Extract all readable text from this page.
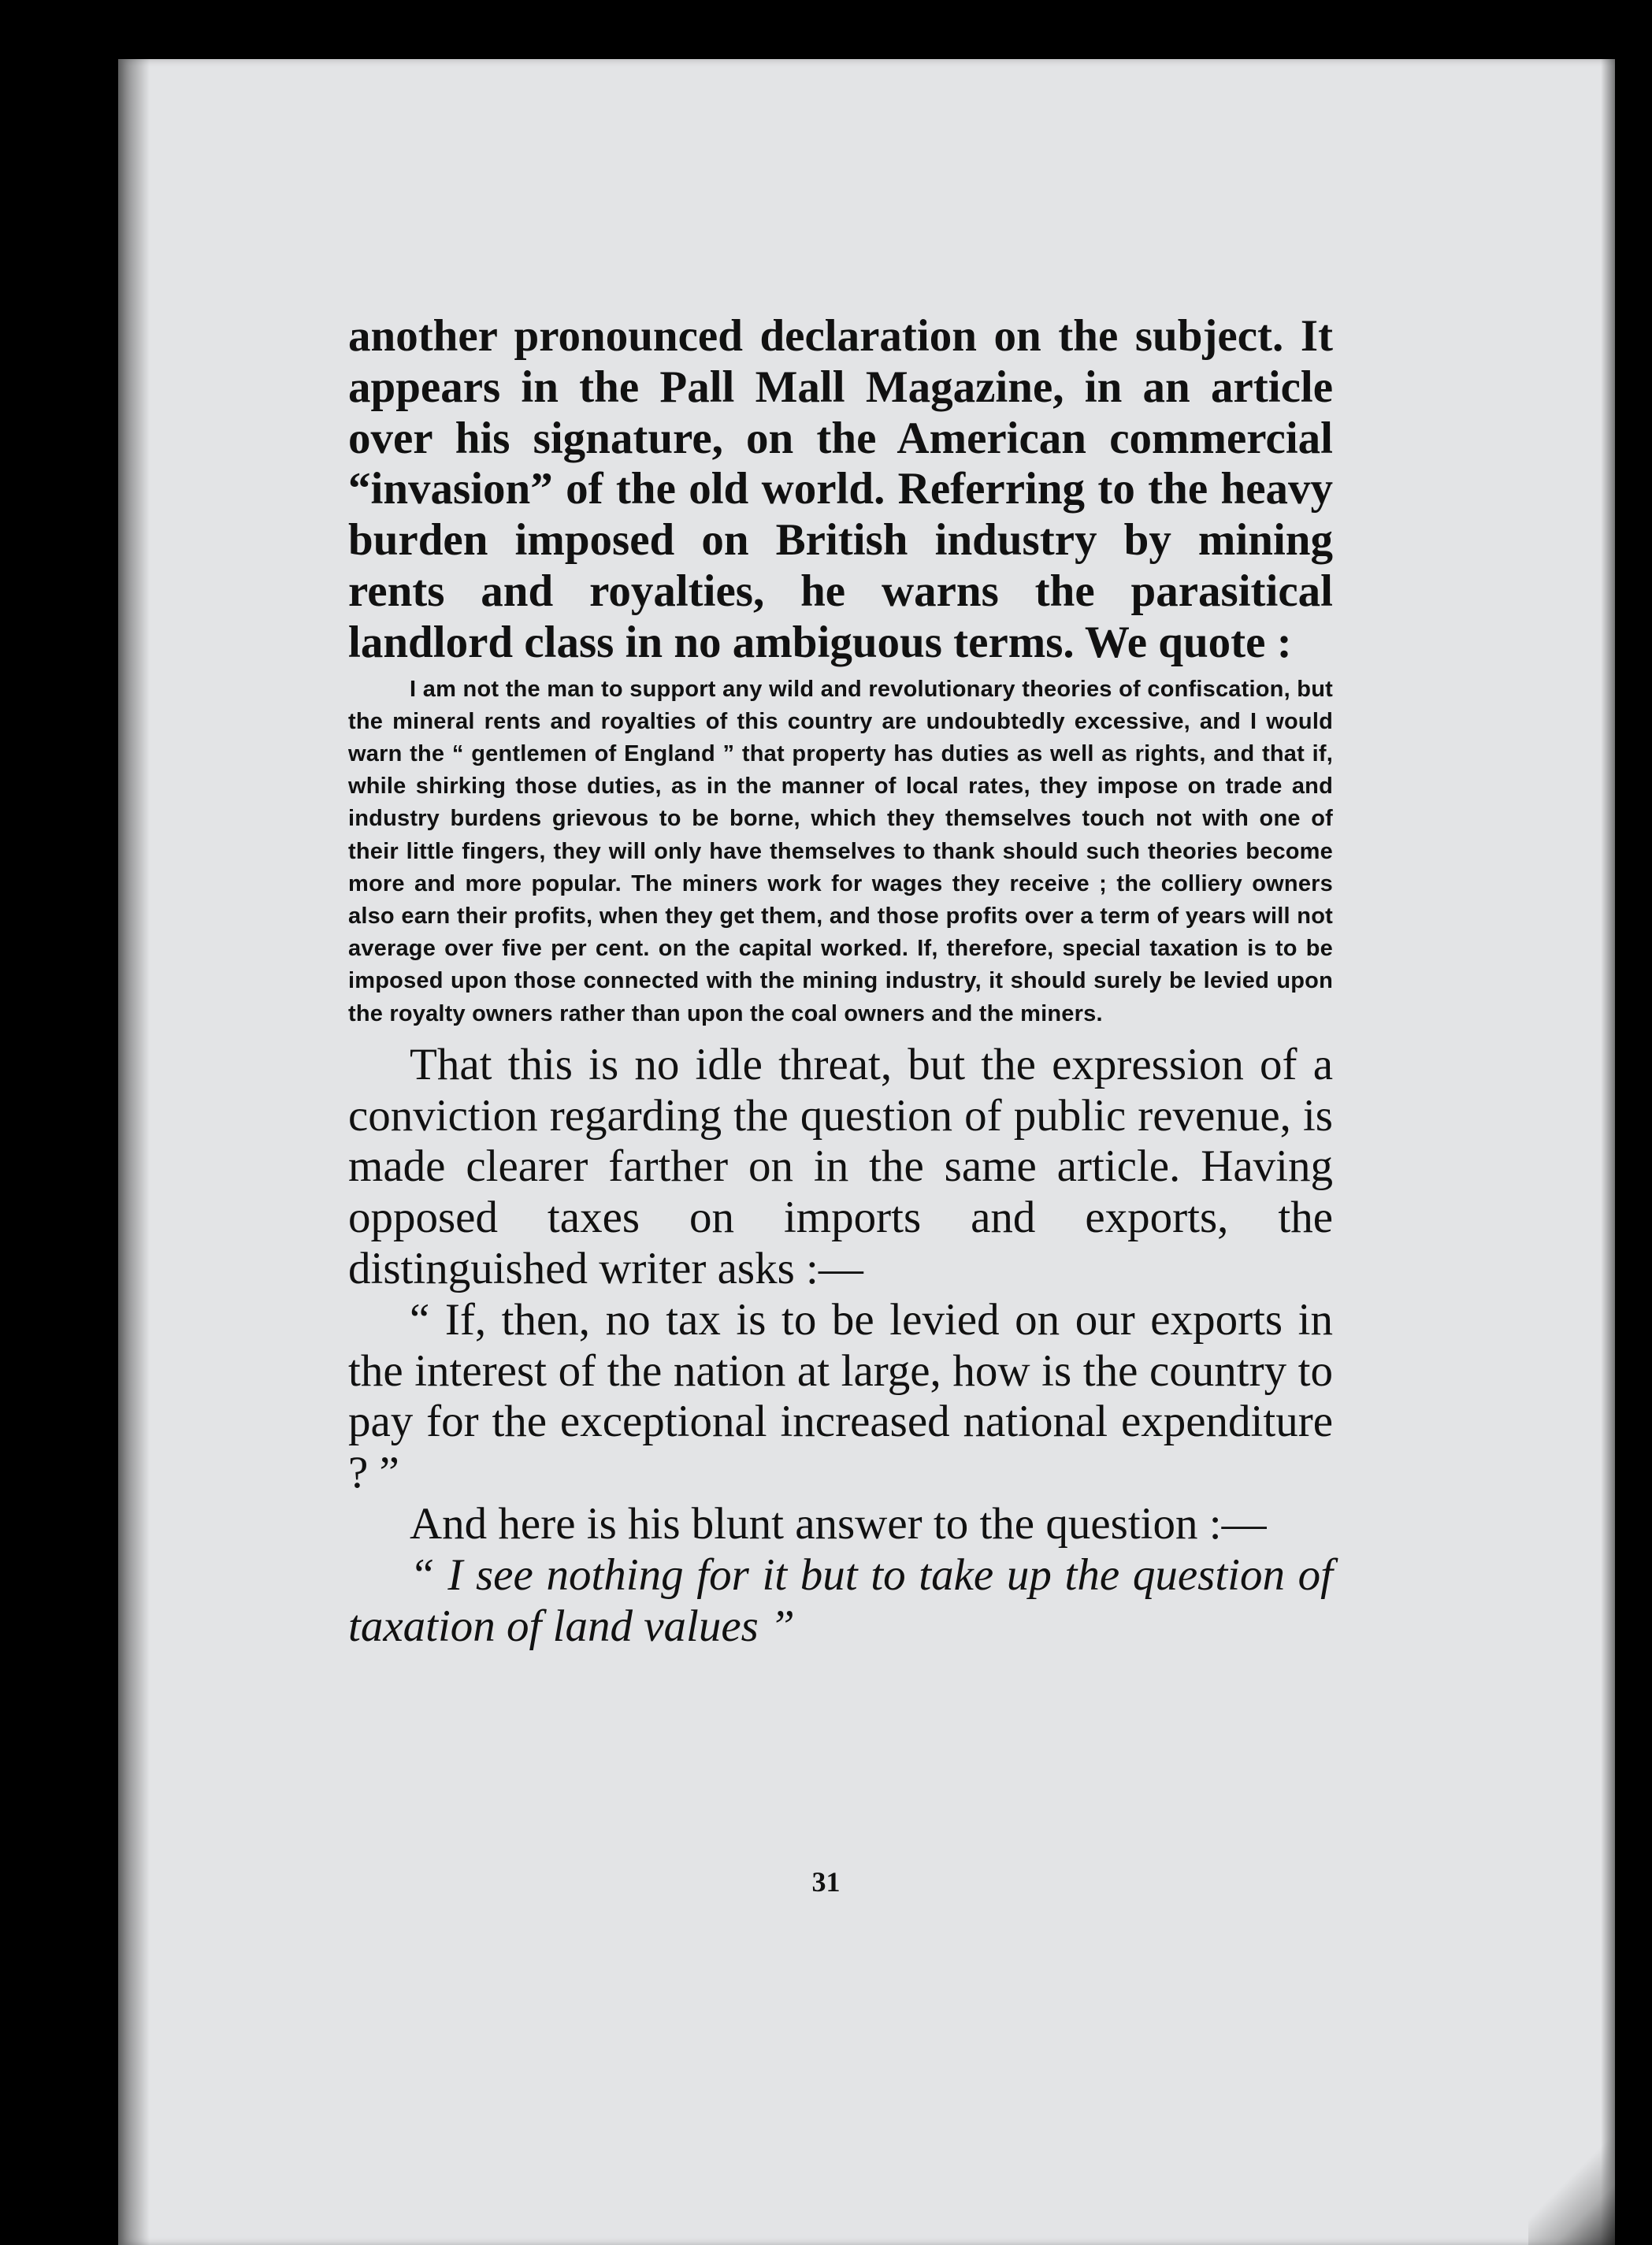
another pronounced declaration on the subject. It appears in the Pall Mall Magazine, in an article over his signature, on the American commercial “invasion” of the old world. Referring to the heavy burden imposed on British industry by mining rents and royalties, he warns the parasitical landlord class in no ambiguous terms. We quote :

I am not the man to support any wild and revolutionary theories of confiscation, but the mineral rents and royalties of this country are undoubtedly excessive, and I would warn the “ gentlemen of England ” that property has duties as well as rights, and that if, while shirking those duties, as in the manner of local rates, they impose on trade and industry burdens grievous to be borne, which they themselves touch not with one of their little fingers, they will only have themselves to thank should such theories become more and more popular. The miners work for wages they receive ; the colliery owners also earn their profits, when they get them, and those profits over a term of years will not average over five per cent. on the capital worked. If, therefore, special taxation is to be imposed upon those connected with the mining industry, it should surely be levied upon the royalty owners rather than upon the coal owners and the miners.

That this is no idle threat, but the expression of a conviction regarding the question of public revenue, is made clearer farther on in the same article. Having opposed taxes on imports and exports, the distinguished writer asks :—

“ If, then, no tax is to be levied on our exports in the interest of the nation at large, how is the country to pay for the exceptional increased national expenditure ? ”

And here is his blunt answer to the question :—

“ I see nothing for it but to take up the question of taxation of land values ”

31
